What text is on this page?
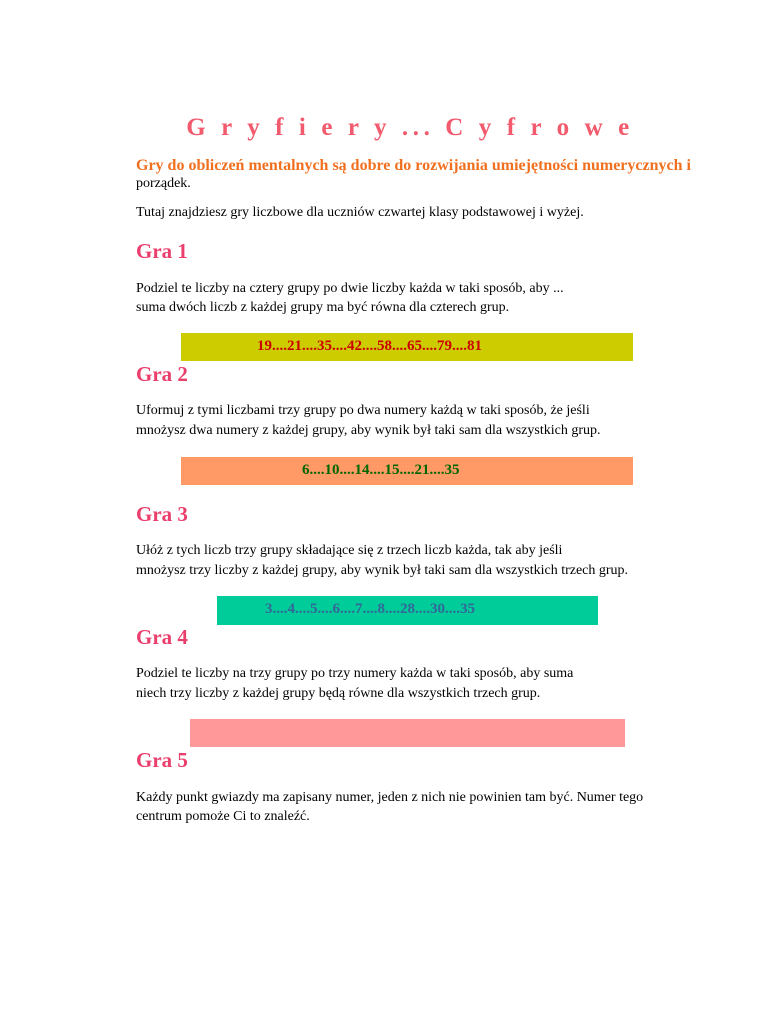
G r y f i e r y ... C y f r o w e
Gry do obliczeń mentalnych są dobre do rozwijania umiejętności numerycznych i
porządek.
Tutaj znajdziesz gry liczbowe dla uczniów czwartej klasy podstawowej i wyżej.
Gra 1
Podziel te liczby na cztery grupy po dwie liczby każda w taki sposób, aby ...
suma dwóch liczb z każdej grupy ma być równa dla czterech grup.
19....21....35....42....58....65....79....81
Gra 2
Uformuj z tymi liczbami trzy grupy po dwa numery każdą w taki sposób, że jeśli
mnożysz dwa numery z każdej grupy, aby wynik był taki sam dla wszystkich grup.
6....10....14....15....21....35
Gra 3
Ułóż z tych liczb trzy grupy składające się z trzech liczb każda, tak aby jeśli
mnożysz trzy liczby z każdej grupy, aby wynik był taki sam dla wszystkich trzech grup.
3....4....5....6....7....8....28....30....35
Gra 4
Podziel te liczby na trzy grupy po trzy numery każda w taki sposób, aby suma
niech trzy liczby z każdej grupy będą równe dla wszystkich trzech grup.
Gra 5
Każdy punkt gwiazdy ma zapisany numer, jeden z nich nie powinien tam być. Numer tego
centrum pomoże Ci to znaleźć.
